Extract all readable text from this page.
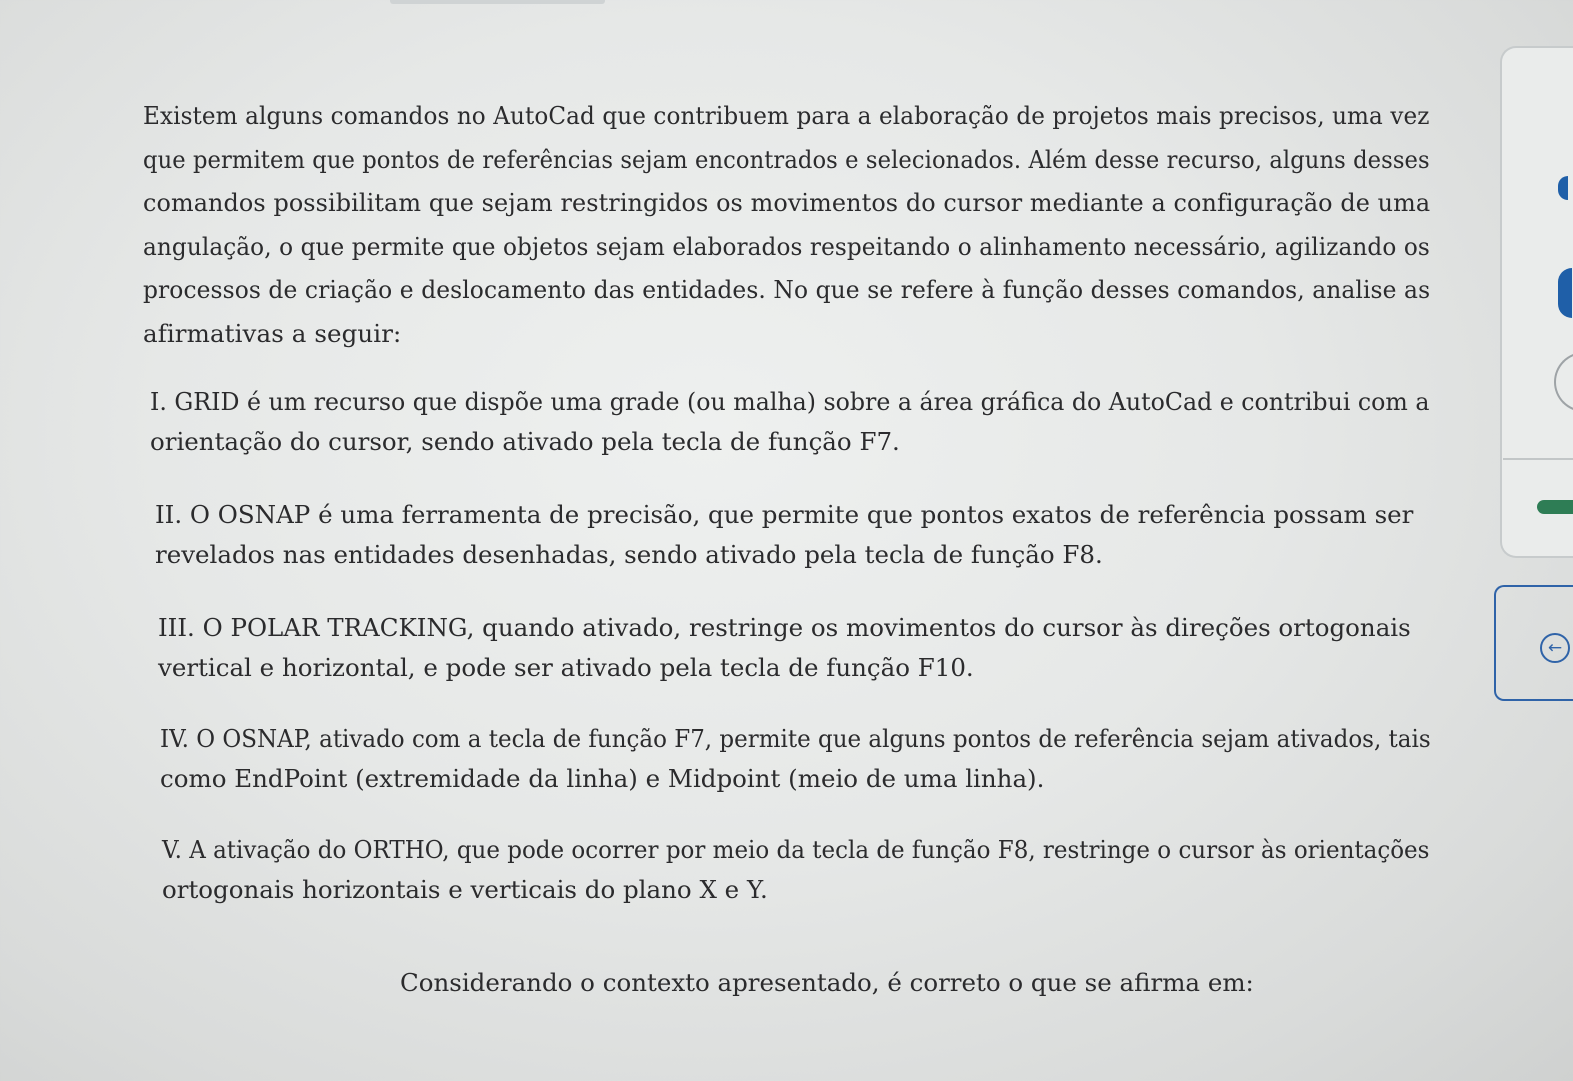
Existem alguns comandos no AutoCad que contribuem para a elaboração de projetos mais precisos, uma vez

que permitem que pontos de referências sejam encontrados e selecionados. Além desse recurso, alguns desses

comandos possibilitam que sejam restringidos os movimentos do cursor mediante a configuração de uma

angulação, o que permite que objetos sejam elaborados respeitando o alinhamento necessário, agilizando os

processos de criação e deslocamento das entidades. No que se refere à função desses comandos, analise as

afirmativas a seguir:

I. GRID é um recurso que dispõe uma grade (ou malha) sobre a área gráfica do AutoCad e contribui com a

orientação do cursor, sendo ativado pela tecla de função F7.

II. O OSNAP é uma ferramenta de precisão, que permite que pontos exatos de referência possam ser

revelados nas entidades desenhadas, sendo ativado pela tecla de função F8.

III. O POLAR TRACKING, quando ativado, restringe os movimentos do cursor às direções ortogonais

vertical e horizontal, e pode ser ativado pela tecla de função F10.

IV. O OSNAP, ativado com a tecla de função F7, permite que alguns pontos de referência sejam ativados, tais

como EndPoint (extremidade da linha) e Midpoint (meio de uma linha).

V. A ativação do ORTHO, que pode ocorrer por meio da tecla de função F8, restringe o cursor às orientações

ortogonais horizontais e verticais do plano X e Y.

Considerando o contexto apresentado, é correto o que se afirma em:
←
